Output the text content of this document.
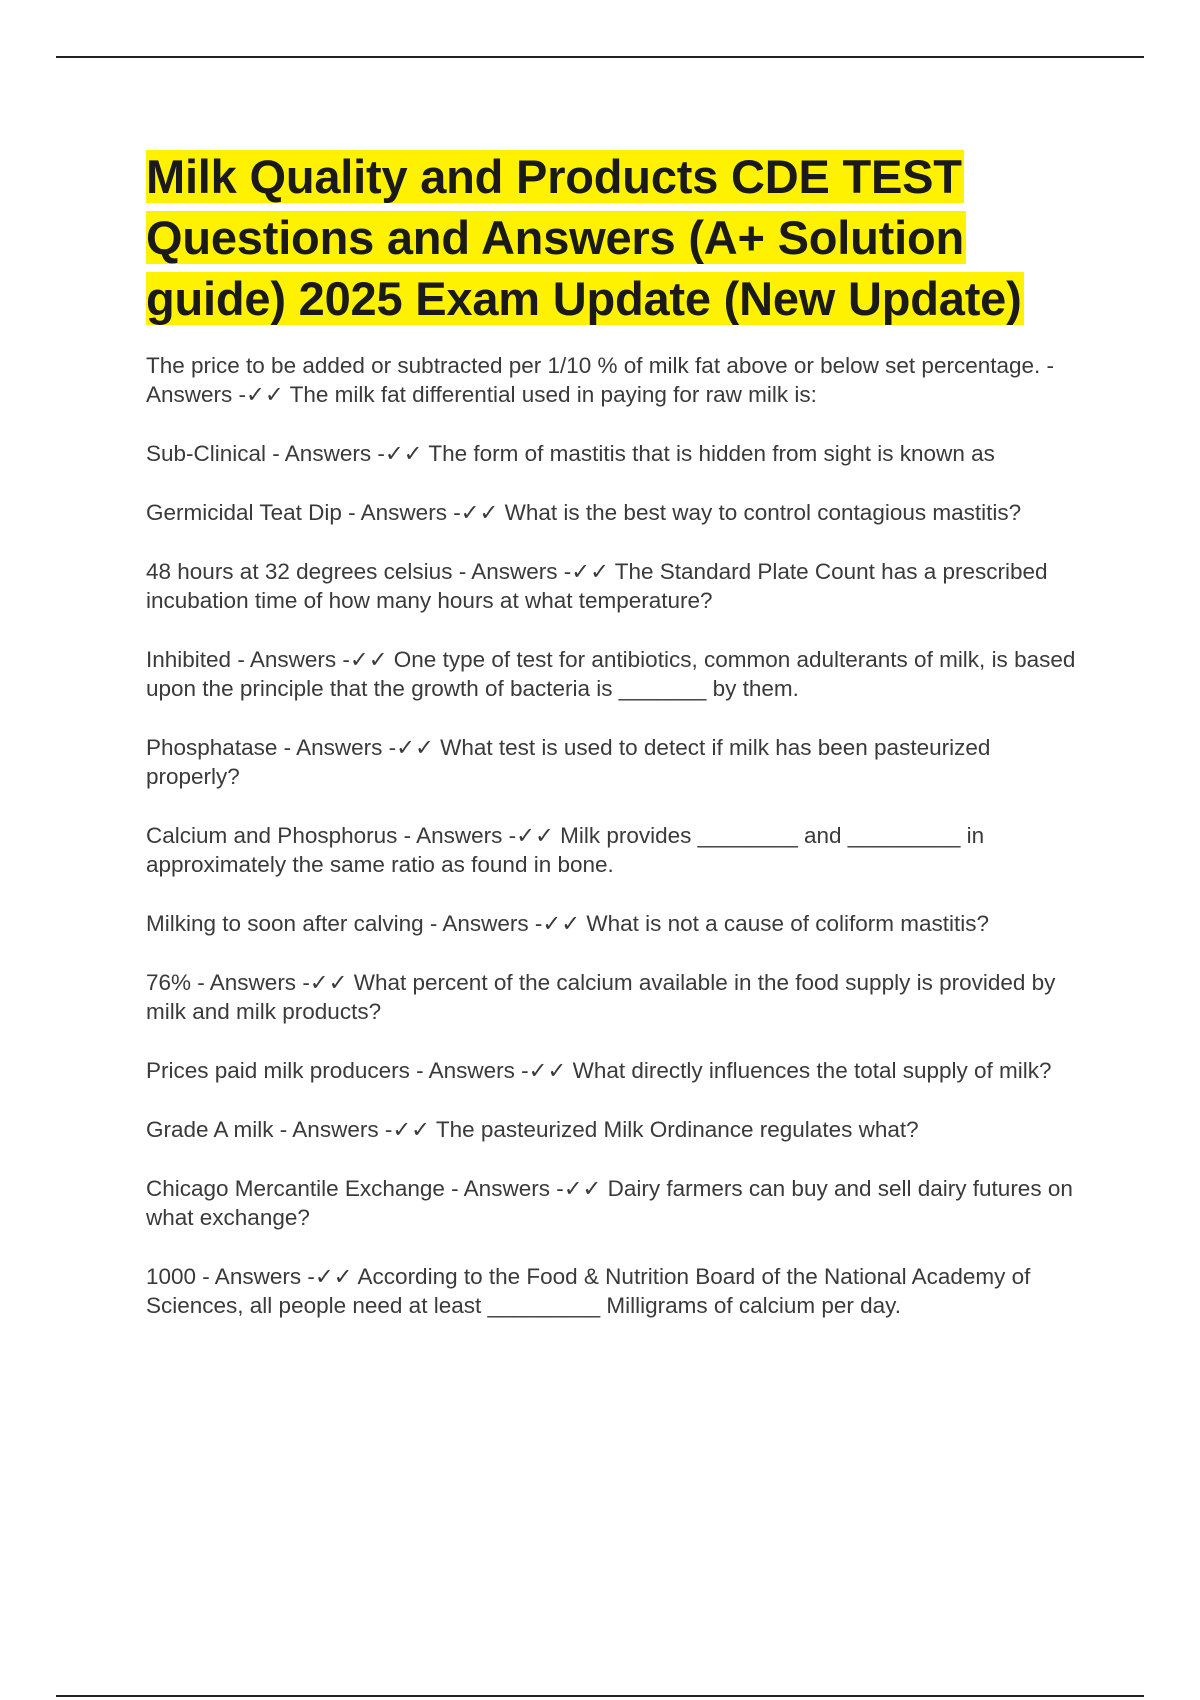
Milk Quality and Products CDE TEST Questions and Answers (A+ Solution guide) 2025 Exam Update (New Update)
The price to be added or subtracted per 1/10 % of milk fat above or below set percentage. - Answers -✓✓ The milk fat differential used in paying for raw milk is:
Sub-Clinical - Answers -✓✓ The form of mastitis that is hidden from sight is known as
Germicidal Teat Dip - Answers -✓✓ What is the best way to control contagious mastitis?
48 hours at 32 degrees celsius - Answers -✓✓ The Standard Plate Count has a prescribed incubation time of how many hours at what temperature?
Inhibited - Answers -✓✓ One type of test for antibiotics, common adulterants of milk, is based upon the principle that the growth of bacteria is _______ by them.
Phosphatase - Answers -✓✓ What test is used to detect if milk has been pasteurized properly?
Calcium and Phosphorus - Answers -✓✓ Milk provides ________ and _________ in approximately the same ratio as found in bone.
Milking to soon after calving - Answers -✓✓ What is not a cause of coliform mastitis?
76% - Answers -✓✓ What percent of the calcium available in the food supply is provided by milk and milk products?
Prices paid milk producers - Answers -✓✓ What directly influences the total supply of milk?
Grade A milk - Answers -✓✓ The pasteurized Milk Ordinance regulates what?
Chicago Mercantile Exchange - Answers -✓✓ Dairy farmers can buy and sell dairy futures on what exchange?
1000 - Answers -✓✓ According to the Food & Nutrition Board of the National Academy of Sciences, all people need at least _________ Milligrams of calcium per day.
